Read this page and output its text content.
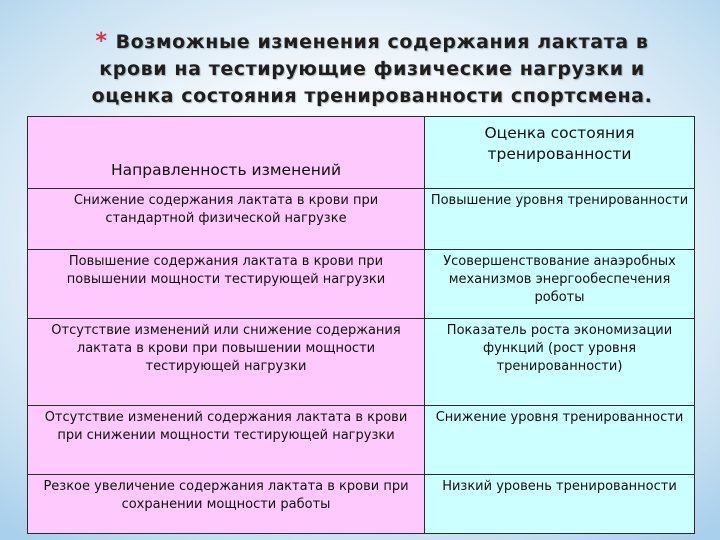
* Возможные изменения содержания лактата в крови на тестирующие физические нагрузки и оценка состояния тренированности спортсмена.
Направленность изменений	Оценка состояния тренированности
Снижение содержания лактата в крови при стандартной физической нагрузке	Повышение уровня тренированности
Повышение содержания лактата в крови при повышении мощности тестирующей нагрузки	Усовершенствование анаэробных механизмов энергообеспечения роботы
Отсутствие изменений или снижение содержания лактата в крови при повышении мощности тестирующей нагрузки	Показатель роста экономизации функций (рост уровня тренированности)
Отсутствие изменений содержания лактата в крови при снижении мощности тестирующей нагрузки	Снижение уровня тренированности
Резкое увеличение содержания лактата в крови при сохранении мощности работы	Низкий уровень тренированности
